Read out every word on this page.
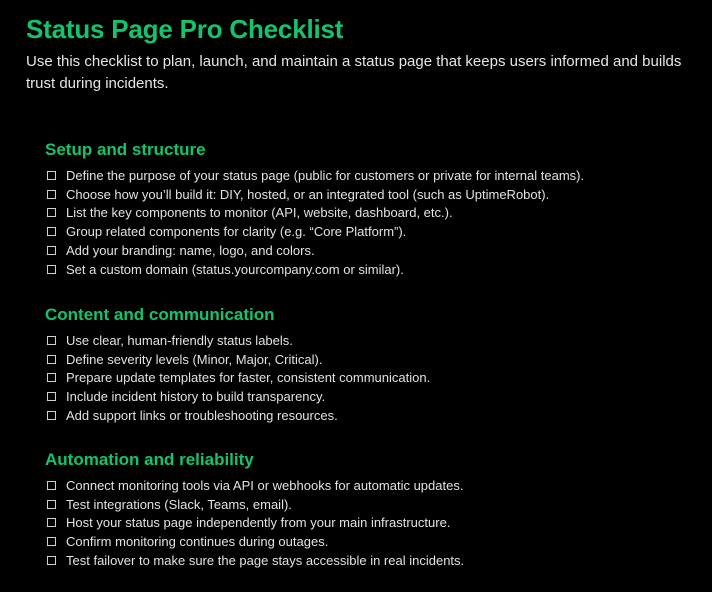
Status Page Pro Checklist

Use this checklist to plan, launch, and maintain a status page that keeps users informed and builds trust during incidents.

Setup and structure
Define the purpose of your status page (public for customers or private for internal teams).
Choose how you’ll build it: DIY, hosted, or an integrated tool (such as UptimeRobot).
List the key components to monitor (API, website, dashboard, etc.).
Group related components for clarity (e.g. “Core Platform”).
Add your branding: name, logo, and colors.
Set a custom domain (status.yourcompany.com or similar).
Content and communication
Use clear, human-friendly status labels.
Define severity levels (Minor, Major, Critical).
Prepare update templates for faster, consistent communication.
Include incident history to build transparency.
Add support links or troubleshooting resources.
Automation and reliability
Connect monitoring tools via API or webhooks for automatic updates.
Test integrations (Slack, Teams, email).
Host your status page independently from your main infrastructure.
Confirm monitoring continues during outages.
Test failover to make sure the page stays accessible in real incidents.
